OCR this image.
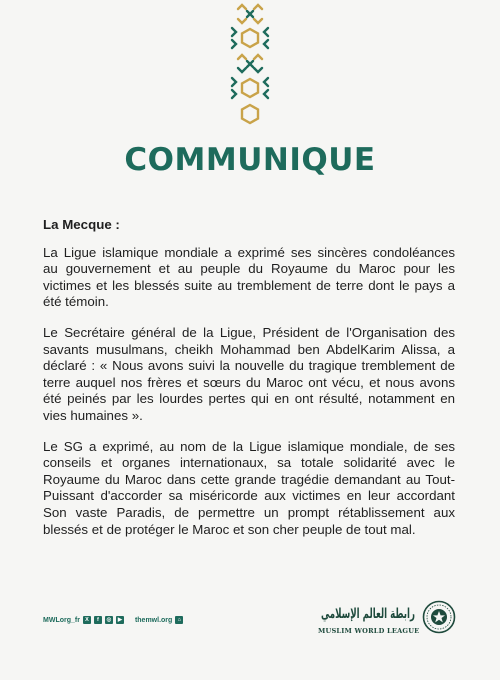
COMMUNIQUE

La Mecque :

La Ligue islamique mondiale a exprimé ses sincères condoléances au gouvernement et au peuple du Royaume du Maroc pour les victimes et les blessés suite au tremblement de terre dont le pays a été témoin.

Le Secrétaire général de la Ligue, Président de l'Organisation des savants musulmans, cheikh Mohammad ben AbdelKarim Alissa, a déclaré : « Nous avons suivi la nouvelle du tragique tremblement de terre auquel nos frères et sœurs du Maroc ont vécu, et nous avons été peinés par les lourdes pertes qui en ont résulté, notamment en vies humaines ».

Le SG a exprimé, au nom de la Ligue islamique mondiale, de ses conseils et organes internationaux, sa totale solidarité avec le Royaume du Maroc dans cette grande tragédie demandant au Tout-Puissant d'accorder sa miséricorde aux victimes en leur accordant Son vaste Paradis, de permettre un prompt rétablissement aux blessés et de protéger le Maroc et son cher peuple de tout mal.

MWLorg_fr X	f	◎	▶ themwl.org ⌂	رابطة العالم الإسلامي
MUSLIM WORLD LEAGUE
